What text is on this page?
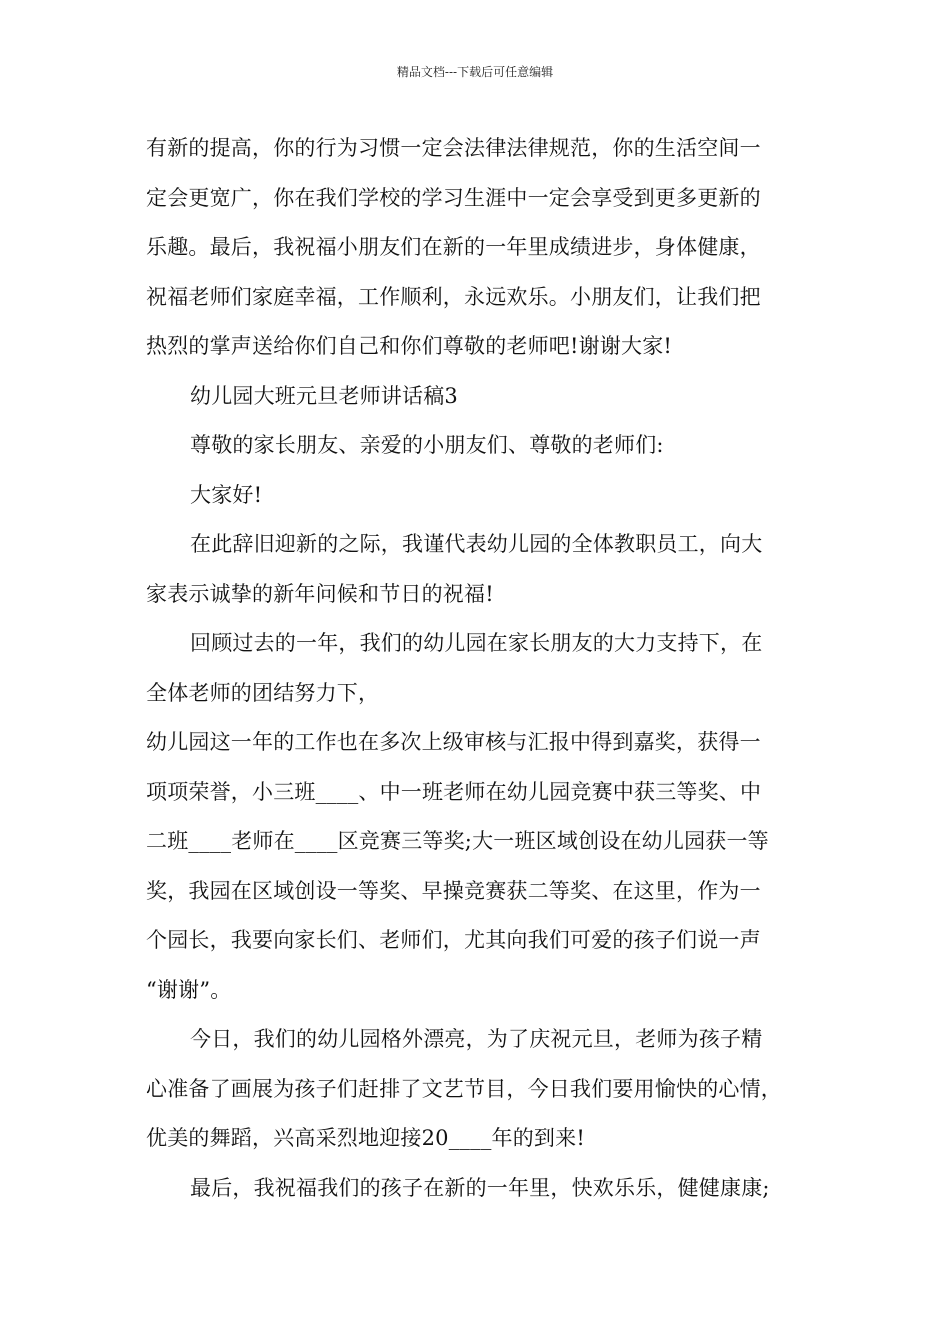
精品文档---下载后可任意编辑
有新的提高，你的行为习惯一定会法律法律规范，你的生活空间一
定会更宽广，你在我们学校的学习生涯中一定会享受到更多更新的
乐趣。最后，我祝福小朋友们在新的一年里成绩进步，身体健康，
祝福老师们家庭幸福，工作顺利，永远欢乐。小朋友们，让我们把
热烈的掌声送给你们自己和你们尊敬的老师吧!谢谢大家!
幼儿园大班元旦老师讲话稿3
尊敬的家长朋友、亲爱的小朋友们、尊敬的老师们:
大家好!
在此辞旧迎新的之际，我谨代表幼儿园的全体教职员工，向大
家表示诚挚的新年问候和节日的祝福!
回顾过去的一年，我们的幼儿园在家长朋友的大力支持下，在
全体老师的团结努力下，
幼儿园这一年的工作也在多次上级审核与汇报中得到嘉奖，获得一
项项荣誉，小三班____、中一班老师在幼儿园竞赛中获三等奖、中
二班____老师在____区竞赛三等奖;大一班区域创设在幼儿园获一等
奖，我园在区域创设一等奖、早操竞赛获二等奖、在这里，作为一
个园长，我要向家长们、老师们，尤其向我们可爱的孩子们说一声
“谢谢”。
今日，我们的幼儿园格外漂亮，为了庆祝元旦，老师为孩子精
心准备了画展为孩子们赶排了文艺节目，今日我们要用愉快的心情，
优美的舞蹈，兴高采烈地迎接20____年的到来!
最后，我祝福我们的孩子在新的一年里，快欢乐乐，健健康康;
